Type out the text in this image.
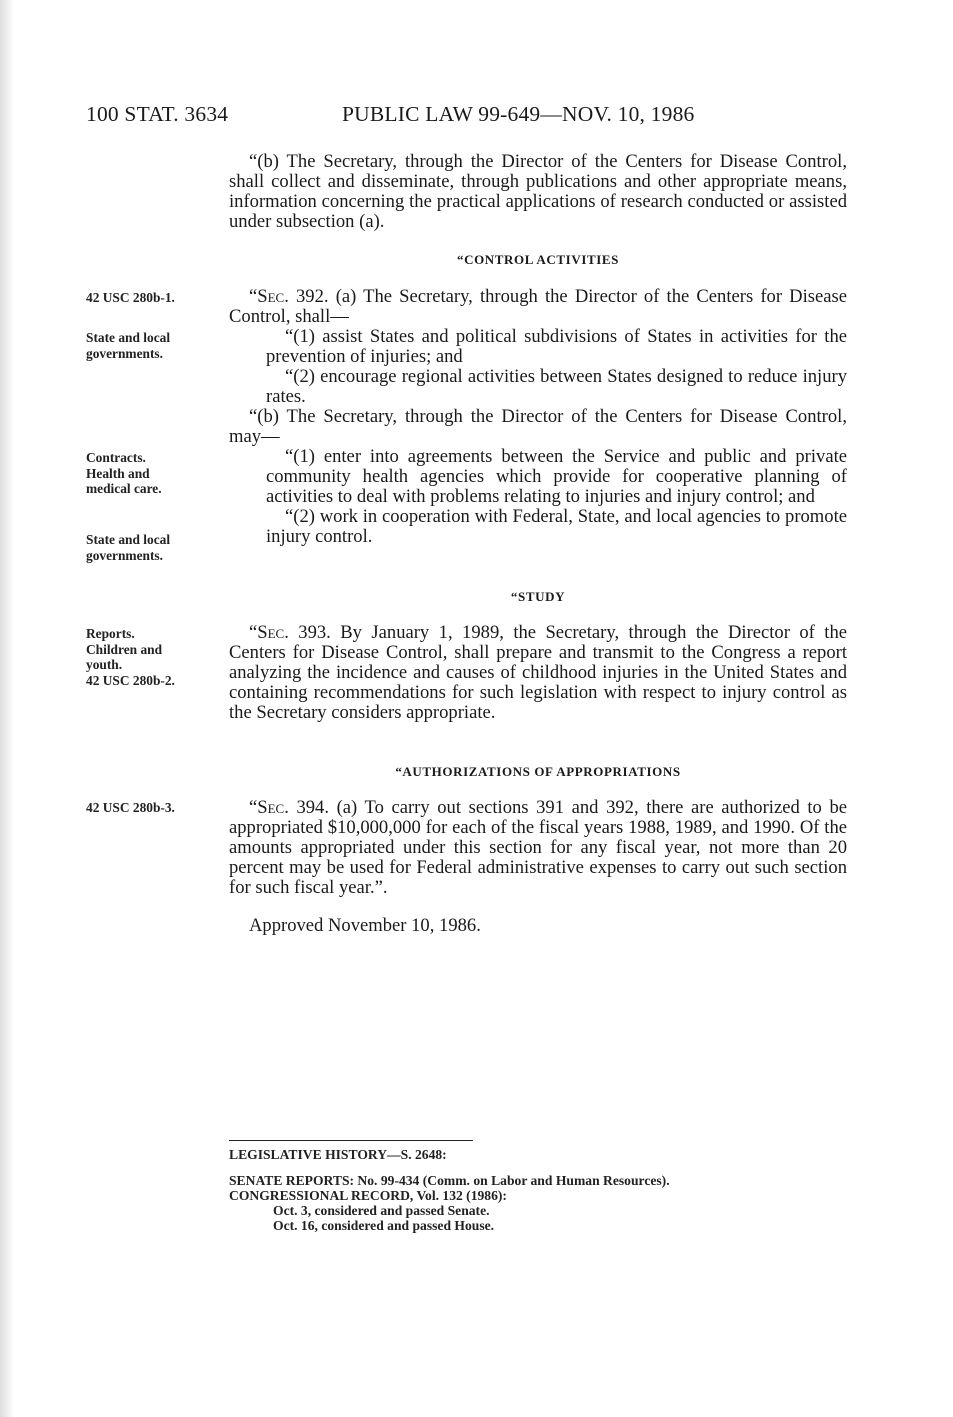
100 STAT. 3634	PUBLIC LAW 99-649—NOV. 10, 1986

“(b) The Secretary, through the Director of the Centers for Disease Control, shall collect and disseminate, through publications and other appropriate means, information concerning the practical applications of research conducted or assisted under subsection (a).

“CONTROL ACTIVITIES

“Sec. 392. (a) The Secretary, through the Director of the Centers for Disease Control, shall—

“(1) assist States and political subdivisions of States in activities for the prevention of injuries; and

“(2) encourage regional activities between States designed to reduce injury rates.

“(b) The Secretary, through the Director of the Centers for Disease Control, may—

“(1) enter into agreements between the Service and public and private community health agencies which provide for cooperative planning of activities to deal with problems relating to injuries and injury control; and

“(2) work in cooperation with Federal, State, and local agencies to promote injury control.

“STUDY

“Sec. 393. By January 1, 1989, the Secretary, through the Director of the Centers for Disease Control, shall prepare and transmit to the Congress a report analyzing the incidence and causes of childhood injuries in the United States and containing recommendations for such legislation with respect to injury control as the Secretary considers appropriate.

“AUTHORIZATIONS OF APPROPRIATIONS

“Sec. 394. (a) To carry out sections 391 and 392, there are authorized to be appropriated $10,000,000 for each of the fiscal years 1988, 1989, and 1990. Of the amounts appropriated under this section for any fiscal year, not more than 20 percent may be used for Federal administrative expenses to carry out such section for such fiscal year.”.

Approved November 10, 1986.

42 USC 280b-1.
State and local
governments.
Contracts.
Health and
medical care.
State and local
governments.
Reports.
Children and
youth.
42 USC 280b-2.
42 USC 280b-3.
LEGISLATIVE HISTORY—S. 2648:
SENATE REPORTS: No. 99-434 (Comm. on Labor and Human Resources).
CONGRESSIONAL RECORD, Vol. 132 (1986):
Oct. 3, considered and passed Senate.
Oct. 16, considered and passed House.
